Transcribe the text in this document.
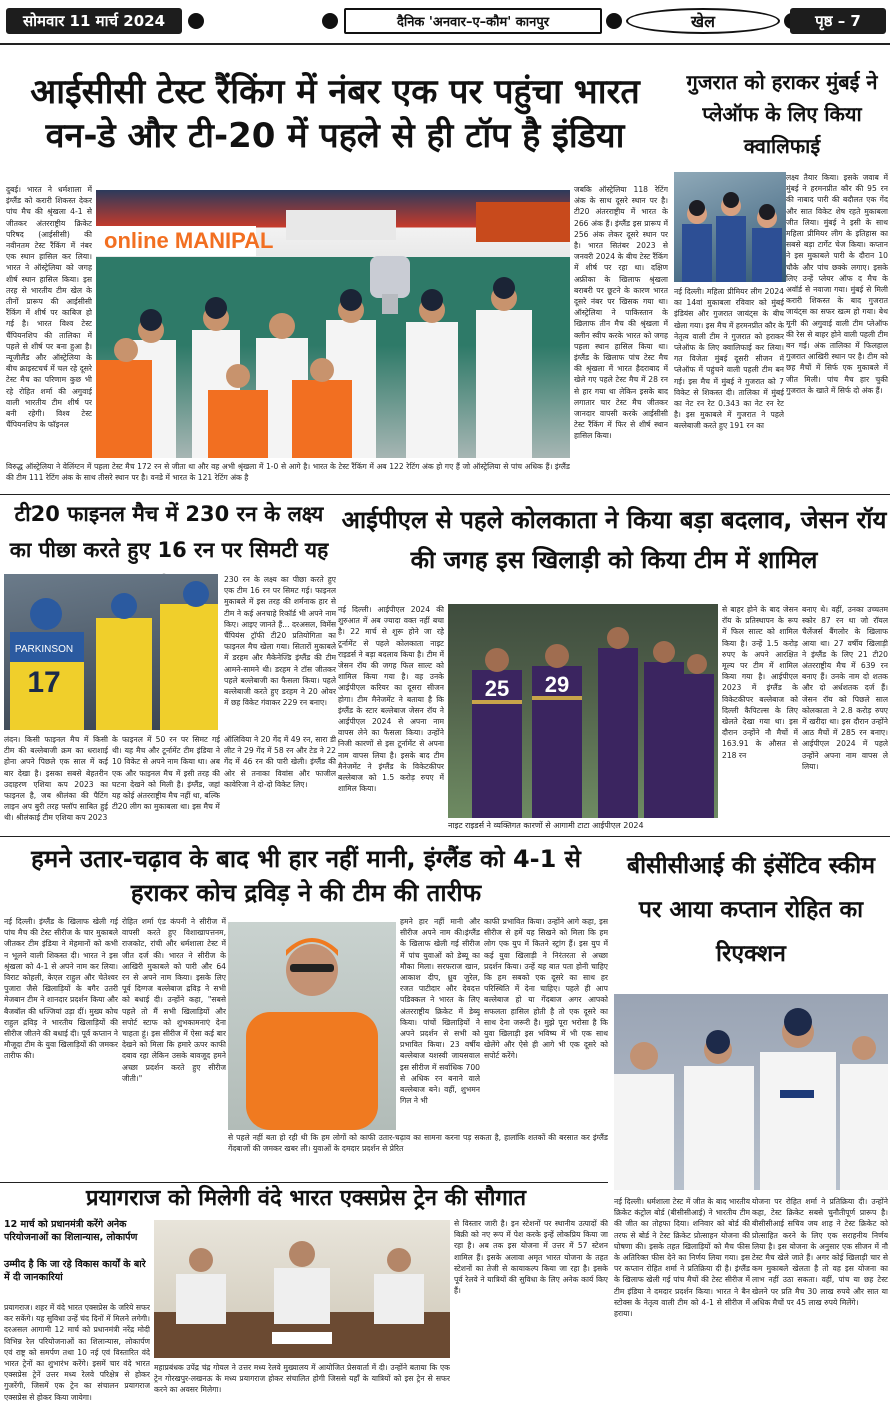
सोमवार 11 मार्च 2024	दैनिक 'अनवार–ए–कौम' कानपुर	खेल	पृष्ठ – 7
आईसीसी टेस्ट रैंकिंग में नंबर एक पर पहुंचा भारत
वन-डे और टी-20 में पहले से ही टॉप है इंडिया
दुबई। भारत ने धर्मशाला में इंग्लैंड को करारी शिकस्त देकर पांच मैच की श्रृंखला 4-1 से जीतकर अंतरराष्ट्रीय क्रिकेट परिषद (आईसीसी) की नवीनतम टेस्ट रैंकिंग में नंबर एक स्थान हासिल कर लिया। भारत ने ऑस्ट्रेलिया को जगह शीर्ष स्थान हासिल किया। इस तरह से भारतीय टीम खेल के तीनों प्रारूप की आईसीसी रैंकिंग में शीर्ष पर काबिज हो गई है। भारत विश्व टेस्ट चैंपियनशिप की तालिका में पहले से शीर्ष पर बना हुआ है। न्यूजीलैंड और ऑस्ट्रेलिया के बीच क्राइस्टचर्च में चल रहे दूसरे टेस्ट मैच का परिणाम कुछ भी रहे रोहित शर्मा की अगुवाई वाली भारतीय टीम शीर्ष पर बनी रहेगी। विश्व टेस्ट चैंपियनशिप के फॉइनल
online MANIPAL
जबकि ऑस्ट्रेलिया 118 रेटिंग अंक के साथ दूसरे स्थान पर है। टी20 अंतरराष्ट्रीय में भारत के 266 अंक हैं। इंग्लैंड इस प्रारूप में 256 अंक लेकर दूसरे स्थान पर है। भारत सितंबर 2023 से जनवरी 2024 के बीच टेस्ट रैंकिंग में शीर्ष पर रहा था। दक्षिण अफ्रीका के खिलाफ श्रृंखला बराबरी पर छूटने के कारण भारत दूसरे नंबर पर खिसक गया था। ऑस्ट्रेलिया ने पाकिस्तान के खिलाफ तीन मैच की श्रृंखला में क्लीन स्वीप करके भारत को जगह पहला स्थान हासिल किया था। इंग्लैंड के खिलाफ पांच टेस्ट मैच की श्रृंखला में भारत हैदराबाद में खेले गए पहले टेस्ट मैच में 28 रन से हार गया था लेकिन इसके बाद लगातार चार टेस्ट मैच जीतकर जानदार वापसी करके आईसीसी टेस्ट रैंकिंग में फिर से शीर्ष स्थान हासिल किया।
विरुद्ध ऑस्ट्रेलिया ने वेलिंग्टन में पहला टेस्ट मैच 172 रन से जीता था और वह अभी श्रृंखला में 1-0 से आगे है। भारत के टेस्ट रैंकिंग में अब 122 रेटिंग अंक हो गए हैं जो ऑस्ट्रेलिया से पांच अधिक हैं। इंग्लैंड की टीम 111 रेटिंग अंक के साथ तीसरे स्थान पर है। वनडे में भारत के 121 रेटिंग अंक है
गुजरात को हराकर मुंबई ने प्लेऑफ के लिए किया क्वालिफाई
लक्ष्य तैयार किया। इसके जवाब में मुंबई ने हरमनप्रीत कौर की 95 रन की नाबाद पारी की बदौलत एक गेंद और सात विकेट शेष रहते मुकाबला जीत लिया। मुंबई ने इसी के साथ महिला प्रीमियर लीग के इतिहास का सबसे बड़ा टार्गेट चेज किया। कप्तान ने इस मुकाबले पारी के दौरान 10 चौके और पांच छक्के लगाए। इसके लिए उन्हें प्लेयर ऑफ द मैच के अवॉर्ड से नवाजा गया। मुंबई से मिली करारी शिकस्त के बाद गुजरात जायंट्स का सफर खत्म हो गया। बेथ मूनी की अगुवाई वाली टीम प्लेऑफ की रेस से बाहर होने वाली पहली टीम बन गई। अंक तालिका में फिलहाल गुजरात आखिरी स्थान पर है। टीम को छह मैचों में सिर्फ एक मुकाबले में जीत मिली। पांच मैच हार चुकी गुजरात के खाते में सिर्फ दो अंक हैं।
नई दिल्ली। महिला प्रीमियर लीग 2024 का 14वां मुकाबला रविवार को मुंबई इंडियंस और गुजरात जायंट्स के बीच खेला गया। इस मैच में हरमनप्रीत कौर के नेतृत्व वाली टीम ने गुजरात को हराकर प्लेऑफ के लिए क्वालिफाई कर लिया। गत विजेता मुंबई दूसरी सीजन में प्लेऑफ में पहुंचने वाली पहली टीम बन गई। इस मैच में मुंबई ने गुजरात को 7 विकेट से शिकस्त दी। तालिका में मुंबई का नेट रन रेट 0.343 का नेट रन रेट है। इस मुकाबले में गुजरात ने पहले बल्लेबाजी करते हुए 191 रन का
टी20 फाइनल मैच में 230 रन के लक्ष्य का पीछा करते हुए 16 रन पर सिमटी यह
PARKINSON
17
230 रन के लक्ष्य का पीछा करते हुए एक टीम 16 रन पर सिमट गई। फाइनल मुकाबले में इस तरह की शर्मनाक हार से टीम ने कई अनचाहे रिकॉर्ड भी अपने नाम किए। आइए जानते हैं... दरअसल, विमेंस चैंपियंस ट्रॉफी टी20 प्रतियोगिता का फाइनल मैच खेला गया। सितारों मुकाबले में डरहम और मैकेनेज्डि इंग्लैंड की टीम आमने-सामने थी। डरहम ने टॉस जीतकर पहले बल्लेबाजी का फैसला किया। पहले बल्लेबाजी करते हुए डरहम ने 20 ओवर में छह विकेट गंवाकर 229 रन बनाए।
लंदन। किसी फाइनल मैच में किसी टीम की बल्लेबाजी क्रम का धराशाई होना अपने पिछले एक साल में कई बार देखा है। इसका सबसे बेहतरीन उदाहरण एशिया कप 2023 का फाइनल है, जब श्रीलंका की पैटिंग लाइन अप बुरी तरह फ्लॉप साबित हुई थी। श्रीलंकाई टीम एशिया कप 2023
के फाइनल में 50 रन पर सिमट गई थी। यह मैच और टूर्नामेंट टीम इंडिया ने 10 विकेट से अपने नाम किया था। अब एक और फाइनल मैच में इसी तरह की घटना देखने को मिली है। इंग्लैंड, जहां यह कोई अंतरराष्ट्रीय मैच नहीं था, बल्कि टी20 लीग का मुकाबला था। इस मैच में
ऑलिविया ने 20 गेंद में 49 रन, सारा डी लीट ने 29 गेंद में 58 रन और टेड ने 22 गेंद में 46 रन की पारी खेली। इंग्लैंड की ओर से तनाका विवांस और फाजील कावेरिजा ने दो-दो विकेट लिए।
आईपीएल से पहले कोलकाता ने किया बड़ा बदलाव, जेसन रॉय की जगह इस खिलाड़ी को किया टीम में शामिल
नई दिल्ली। आईपीएल 2024 की शुरुआत में अब ज्यादा वक्त नहीं बचा है। 22 मार्च से शुरू होने जा रहे टूर्नामेंट से पहले कोलकाता नाइट राइडर्स ने बड़ा बदलाव किया है। टीम में जेसन रॉय की जगह फिल साल्ट को शामिल किया गया है। वह उनके आईपीएल करियर का दूसरा सीजन होगा। टीम मैनेजमेंट ने बताया है कि इंग्लैंड के स्टार बल्लेबाज जेसन रॉय ने आईपीएल 2024 से अपना नाम वापस लेने का फैसला किया। उन्होंने निजी कारणों से इस टूर्नामेंट से अपना नाम वापस लिया है। इसके बाद टीम मैनेजमेंट ने इंग्लैंड के विकेटकीपर बल्लेबाज को 1.5 करोड़ रुपए में शामिल किया।
25 29
नाइट राइडर्स ने व्यक्तिगत कारणों से आगामी टाटा आईपीएल 2024
से बाहर होने के बाद जेसन रॉय के प्रतिस्थापन के रूप में फिल साल्ट को शामिल किया है। उन्हें 1.5 करोड़ रुपए के अपने आरक्षित मूल्य पर टीम में शामिल किया गया है। आईपीएल 2023 में इंग्लैंड के विकेटकीपर बल्लेबाज को दिल्ली कैपिटल्स के लिए खेलते देखा गया था। इस दौरान उन्होंने नौ मैचों में 163.91 के औसत से 218 रन
बनाए थे। वहीं, उनका उच्चतम स्कोर 87 रन था जो रॉयल चैलेंजर्स बैंगलोर के खिलाफ आया था। 27 वर्षीय खिलाड़ी ने इंग्लैंड के लिए 21 टी20 अंतरराष्ट्रीय मैच में 639 रन बनाए हैं। उनके नाम दो शतक और दो अर्धशतक दर्ज हैं। जेसन रॉय को पिछले साल कोलकाता ने 2.8 करोड़ रुपए में खरीदा था। इस दौरान उन्होंने आठ मैचों में 285 रन बनाए। आईपीएल 2024 में पहले उन्होंने अपना नाम वापस ले लिया।
हमने उतार-चढ़ाव के बाद भी हार नहीं मानी, इंग्लैंड को 4-1 से हराकर कोच द्रविड़ ने की टीम की तारीफ
नई दिल्ली। इंग्लैंड के खिलाफ खेली गई पांच मैच की टेस्ट सीरीज के चार मुकाबले जीतकर टीम इंडिया ने मेहमानों को कभी न भूलने वाली शिकस्त दी। भारत ने इस श्रृंखला को 4-1 से अपने नाम कर लिया। विराट कोहली, केएल राहुल और चेतेश्वर पुजारा जैसे खिलाड़ियों के बगैर उतरी मेजबान टीम ने शानदार प्रदर्शन किया और बैजबॉल की धज्जियां उड़ा दीं। मुख्य कोच राहुल द्रविड़ ने भारतीय खिलाड़ियों की सीरीज जीतने की बधाई दी। पूर्व कप्तान ने मौजूदा टीम के युवा खिलाड़ियों की जमकर तारीफ की।
रोहित शर्मा एंड कंपनी ने सीरीज में वापसी करते हुए विशाखापत्तनम, राजकोट, रांची और धर्मशाला टेस्ट में जीत दर्ज की। भारत ने सीरीज के आखिरी मुकाबले को पारी और 64 रन से अपने नाम किया। इसके लिए पूर्व दिग्गज बल्लेबाज द्रविड़ ने सभी को बधाई दी। उन्होंने कहा, "सबसे पहले तो मैं सभी खिलाड़ियों और सपोर्ट स्टाफ को शुभकामनाएं देना चाहता हूं। इस सीरीज में ऐसा कई बार देखने को मिला कि हमारे ऊपर काफी दबाव रहा लेकिन उसके बावजूद हमने अच्छा प्रदर्शन करते हुए सीरीज जीती।"
हमने हार नहीं मानी और सीरीज अपने नाम की।इंग्लैंड के खिलाफ खेली गई सीरीज में पांच युवाओं को डेब्यू का मौका मिला। सरफराज खान, आकाश दीप, ध्रुव जुरेल, रजत पाटीदार और देवदत्त पडिक्कल ने भारत के लिए अंतरराष्ट्रीय क्रिकेट में डेब्यू किया। पांचों खिलाड़ियों ने अपने प्रदर्शन से सभी को प्रभावित किया। 23 वर्षीय बल्लेबाज यशस्वी जायसवाल इस सीरीज में सर्वाधिक 700 से अधिक रन बनाने वाले बल्लेबाज बने। वहीं, शुभमन गिल ने भी
काफी प्रभावित किया। उन्होंने आगे कहा, इस सीरीज से हमें यह सिखने को मिला कि हम लोग एक युप में कितने स्ट्रांग हैं। इस युप में कई युवा खिलाड़ी ने निरंतरता से अच्छा प्रदर्शन किया। उन्हें यह बात पता होनी चाहिए कि हम सबको एक दूसरे का साथ हर परिस्थिति में देना चाहिए। पहले ही आप बल्लेबाज हो या गेंदबाज अगर आपको सफलता हासिल होती है तो एक दूसरे का साथ देना जरूरी है। मुझे पूरा भरोसा है कि युवा खिलाड़ी इस भविष्य में भी एक साथ खेलेंगे और ऐसे ही आगे भी एक दूसरे को सपोर्ट करेंगे।
से पहले नहीं बता हो रही थी कि हम लोगों को काफी उतार-चढ़ाव का सामना करना पड़ सकता है, हालांकि शतकों की बरसात कर इंग्लैंड गेंदबाजों की जमकर खबर ली। युवाओं के दमदार प्रदर्शन से प्रेरित
बीसीसीआई की इंसेंटिव स्कीम पर आया कप्तान रोहित का रिएक्शन
नई दिल्ली। धर्मशाला टेस्ट में जीत के बाद भारतीय क्रिकेट कंट्रोल बोर्ड (बीसीसीआई) ने भारतीय टीम की जीत का तोहफा दिया। शनिवार को बोर्ड की तरफ से बोर्ड ने टेस्ट क्रिकेट प्रोत्साहन योजना की घोषणा की। इसके तहत खिलाड़ियों को मैच फीस के अतिरिक्त फीस देने का निर्णय लिया गया। इस पर कप्तान रोहित शर्मा ने प्रतिक्रिया दी है। इंग्लैंड के खिलाफ खेली गई पांच मैचों की टेस्ट सीरीज में टीम इंडिया ने दमदार प्रदर्शन किया। भारत ने बैन स्टोक्स के नेतृत्व वाली टीम को 4-1 से सीरीज में हराया।
योजना पर रोहित शर्मा ने प्रतिक्रिया दी। उन्होंने कहा, टेस्ट क्रिकेट सबसे चुनौतीपूर्ण प्रारूप है। बीसीसीआई सचिव जय शाह ने टेस्ट क्रिकेट को प्रोत्साहित करने के लिए एक सराहनीय निर्णय लिया है। इस योजना के अनुसार एक सीजन में नौ टेस्ट मैच खेले जाते हैं। अगर कोई खिलाड़ी चार से कम मुकाबले खेलता है तो वह इस योजना का लाभ नहीं उठा सकता। वहीं, पांच या छह टेस्ट खेलने पर प्रति मैच 30 लाख रुपये और सात या अधिक मैचों पर 45 लाख रुपये मिलेंगे।
प्रयागराज को मिलेगी वंदे भारत एक्सप्रेस ट्रेन की सौगात
12 मार्च को प्रधानमंत्री करेंगे अनेक परियोजनाओं का शिलान्यास, लोकार्पण
उम्मीद है कि जा रहे विकास कार्यों के बारे में दी जानकारियां
प्रयागराज। शहर में वंदे भारत एक्सप्रेस के जरिये सफर कर सकेंगे। यह सुविधा उन्हें चंद दिनों में मिलने लगेगी। दरअसल आगामी 12 मार्च को प्रधानमंत्री नरेंद्र मोदी विभिन्न रेल परियोजनाओं का शिलान्यास, लोकार्पण एवं राष्ट्र को समर्पण तथा 10 नई एवं विस्तारित वंदे भारत ट्रेनों का शुभारंभ करेंगे। इसमें चार वंदे भारत एक्सप्रेस ट्रेनें उत्तर मध्य रेलवे परिक्षेत्र से होकर गुजरेंगी, जिसमें एक ट्रेन का संचालन प्रयागराज एक्सप्रेस से होकर किया जायेगा।
महाप्रबंधक उपेंद्र चंद्र गोयल ने उत्तर मध्य रेलवे मुख्यालय में आयोजित प्रेसवार्ता में दी। उन्होंने बताया कि एक ट्रेन गोरखपुर-लखनऊ के मध्य प्रयागराज होकर संचालित होगी जिससे यहाँ के यात्रियों को इस ट्रेन से सफर करने का अवसर मिलेगा।
से विस्तार जारी है। इन स्टेशनों पर स्थानीय उत्पादों की बिक्री को नए रूप में पेश करके इन्हें लोकप्रिय किया जा रहा है। अब तक इस योजना में उत्तर में 57 स्टेशन शामिल हैं। इसके अलावा अमृत भारत योजना के तहत स्टेशनों का तेजी से कायाकल्प किया जा रहा है। इसके पूर्व रेलवे ने यात्रियों की सुविधा के लिए अनेक कार्य किए हैं।
